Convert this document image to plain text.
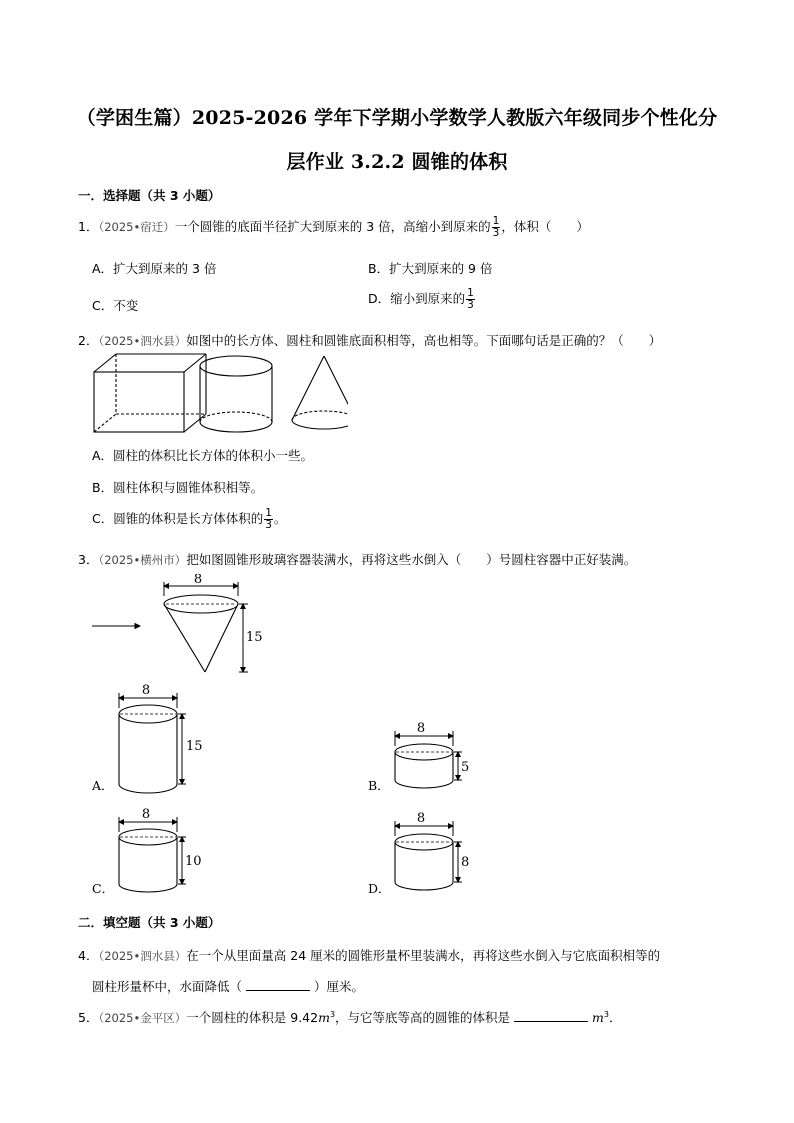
（学困生篇）2025-2026 学年下学期小学数学人教版六年级同步个性化分
层作业 3.2.2 圆锥的体积
一．选择题（共 3 小题）
1．（2025•宿迁）一个圆锥的底面半径扩大到原来的 3 倍，高缩小到原来的 $\frac{1}{3}$ ，体积（　　）
A．扩大到原来的 3 倍	B．扩大到原来的 9 倍
C．不变	D．缩小到原来的 $\frac{1}{3}$
2．（2025•泗水县）如图中的长方体、圆柱和圆锥底面积相等，高也相等。下面哪句话是正确的？（　　）
A．圆柱的体积比长方体的体积小一些。
B．圆柱体积与圆锥体积相等。
C．圆锥的体积是长方体体积的 $\frac{1}{3}$ 。
3．（2025•横州市）把如图圆锥形玻璃容器装满水，再将这些水倒入（　　）号圆柱容器中正好装满。
8
15
A．
8
15
B．
8
5
C．
8
10
D．
8
8
二．填空题（共 3 小题）
4．（2025•泗水县）在一个从里面量高 24 厘米的圆锥形量杯里装满水，再将这些水倒入与它底面积相等的
圆柱形量杯中，水面降低（	）厘米。
5．（2025•金平区）一个圆柱的体积是 $9.42m^3$，与它等底等高的圆锥的体积是	$m^3$．
